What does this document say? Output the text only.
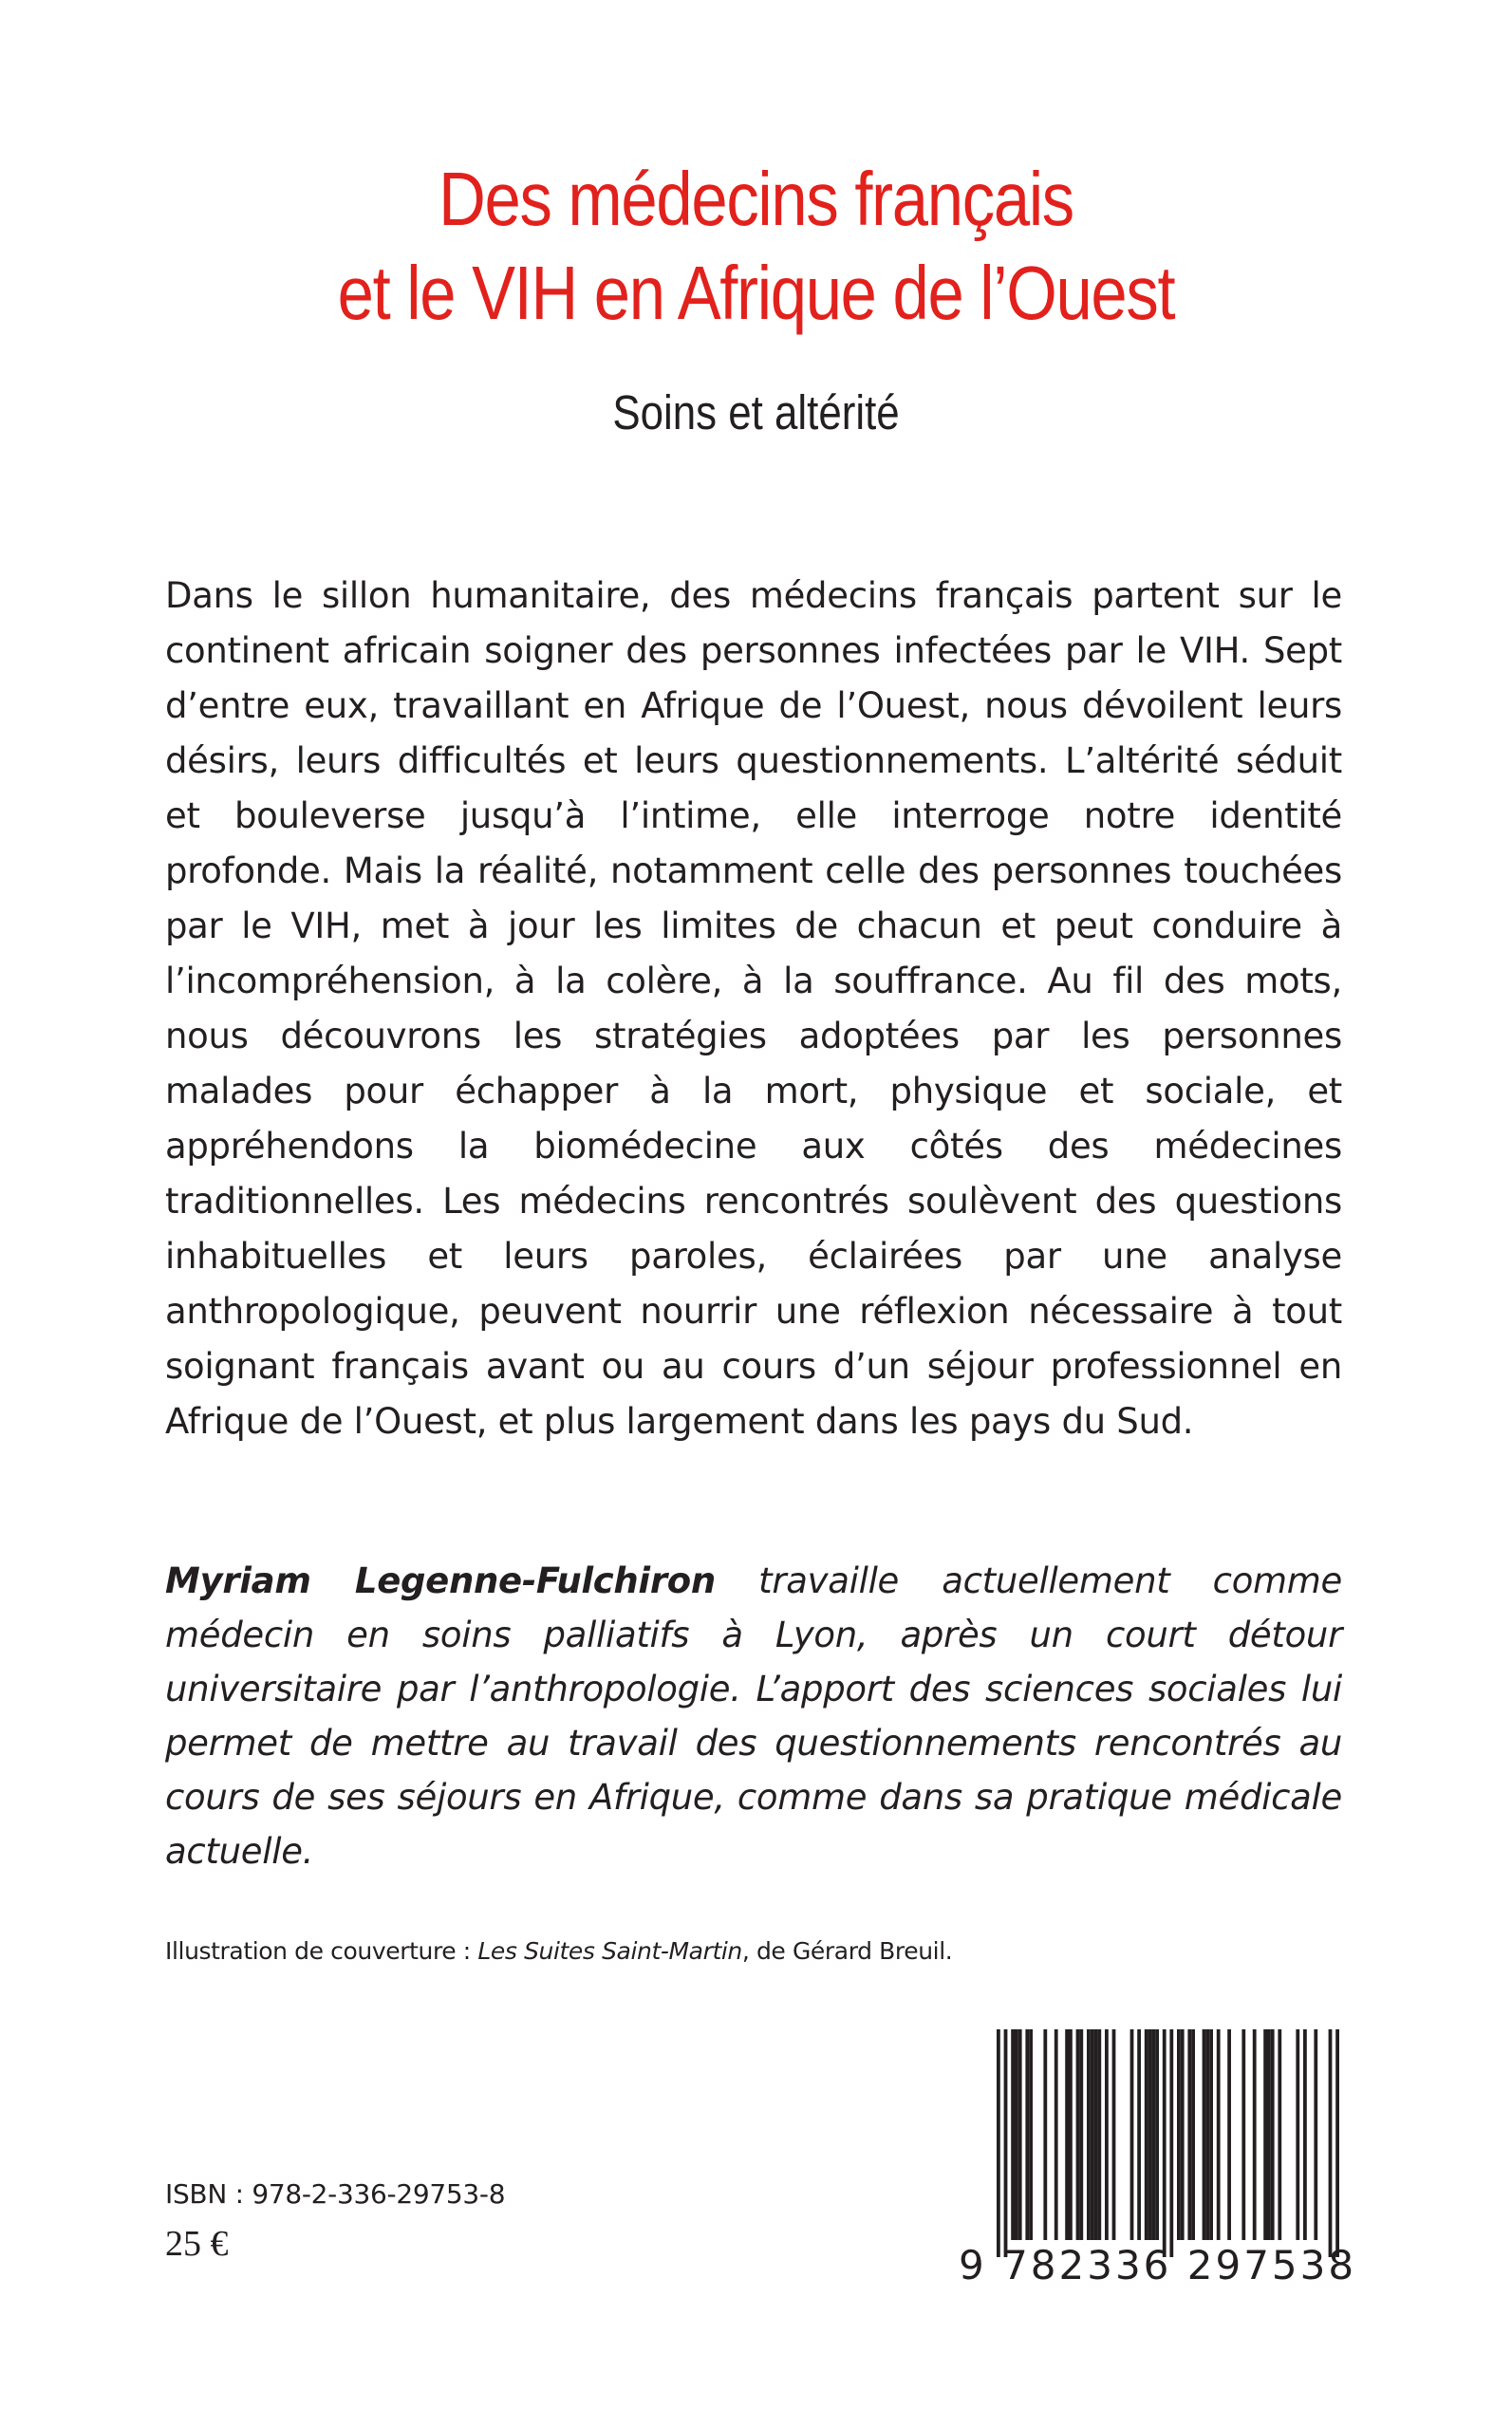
Des médecins français
et le VIH en Afrique de l’Ouest
Soins et altérité

Dans le sillon humanitaire, des médecins français partent sur le continent africain soigner des personnes infectées par le VIH. Sept d’entre eux, travaillant en Afrique de l’Ouest, nous dévoilent leurs désirs, leurs difficultés et leurs questionnements. L’altérité séduit et bouleverse jusqu’à l’intime, elle interroge notre identité profonde. Mais la réalité, notamment celle des personnes touchées par le VIH, met à jour les limites de chacun et peut conduire à l’incompréhension, à la colère, à la souffrance. Au fil des mots, nous découvrons les stratégies adoptées par les personnes malades pour échapper à la mort, physique et sociale, et appréhendons la biomédecine aux côtés des médecines traditionnelles. Les médecins rencontrés soulèvent des questions inhabituelles et leurs paroles, éclairées par une analyse anthropologique, peuvent nourrir une réflexion nécessaire à tout soignant français avant ou au cours d’un séjour professionnel en Afrique de l’Ouest, et plus largement dans les pays du Sud.

Myriam Legenne-Fulchiron travaille actuellement comme médecin en soins palliatifs à Lyon, après un court détour universitaire par l’anthropologie. L’apport des sciences sociales lui permet de mettre au travail des questionnements rencontrés au cours de ses séjours en Afrique, comme dans sa pratique médicale actuelle.

Illustration de couverture : Les Suites Saint-Martin, de Gérard Breuil.
ISBN : 978-2-336-29753-8
25 €	9 782336 297538
